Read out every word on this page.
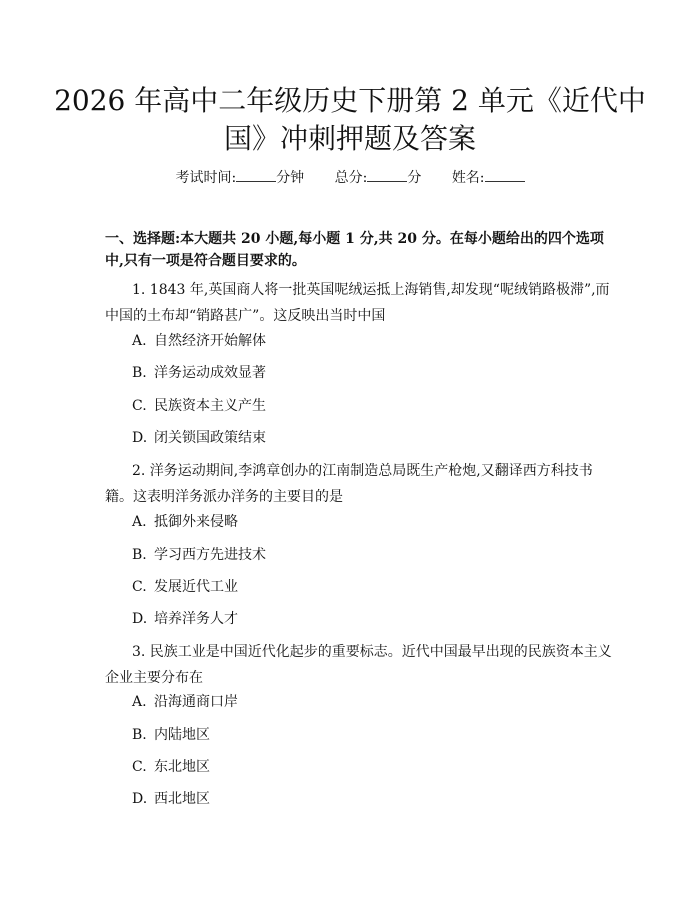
2026 年高中二年级历史下册第 2 单元《近代中国》冲刺押题及答案
考试时间:	分钟 总分:	分 姓名:

一、选择题:本大题共 20 小题,每小题 1 分,共 20 分。在每小题给出的四个选项中,只有一项是符合题目要求的。

1. 1843 年,英国商人将一批英国呢绒运抵上海销售,却发现“呢绒销路极滞”,而中国的土布却“销路甚广”。这反映出当时中国

A. 自然经济开始解体
B. 洋务运动成效显著
C. 民族资本主义产生
D. 闭关锁国政策结束

2. 洋务运动期间,李鸿章创办的江南制造总局既生产枪炮,又翻译西方科技书籍。这表明洋务派办洋务的主要目的是

A. 抵御外来侵略
B. 学习西方先进技术
C. 发展近代工业
D. 培养洋务人才

3. 民族工业是中国近代化起步的重要标志。近代中国最早出现的民族资本主义企业主要分布在

A. 沿海通商口岸
B. 内陆地区
C. 东北地区
D. 西北地区
